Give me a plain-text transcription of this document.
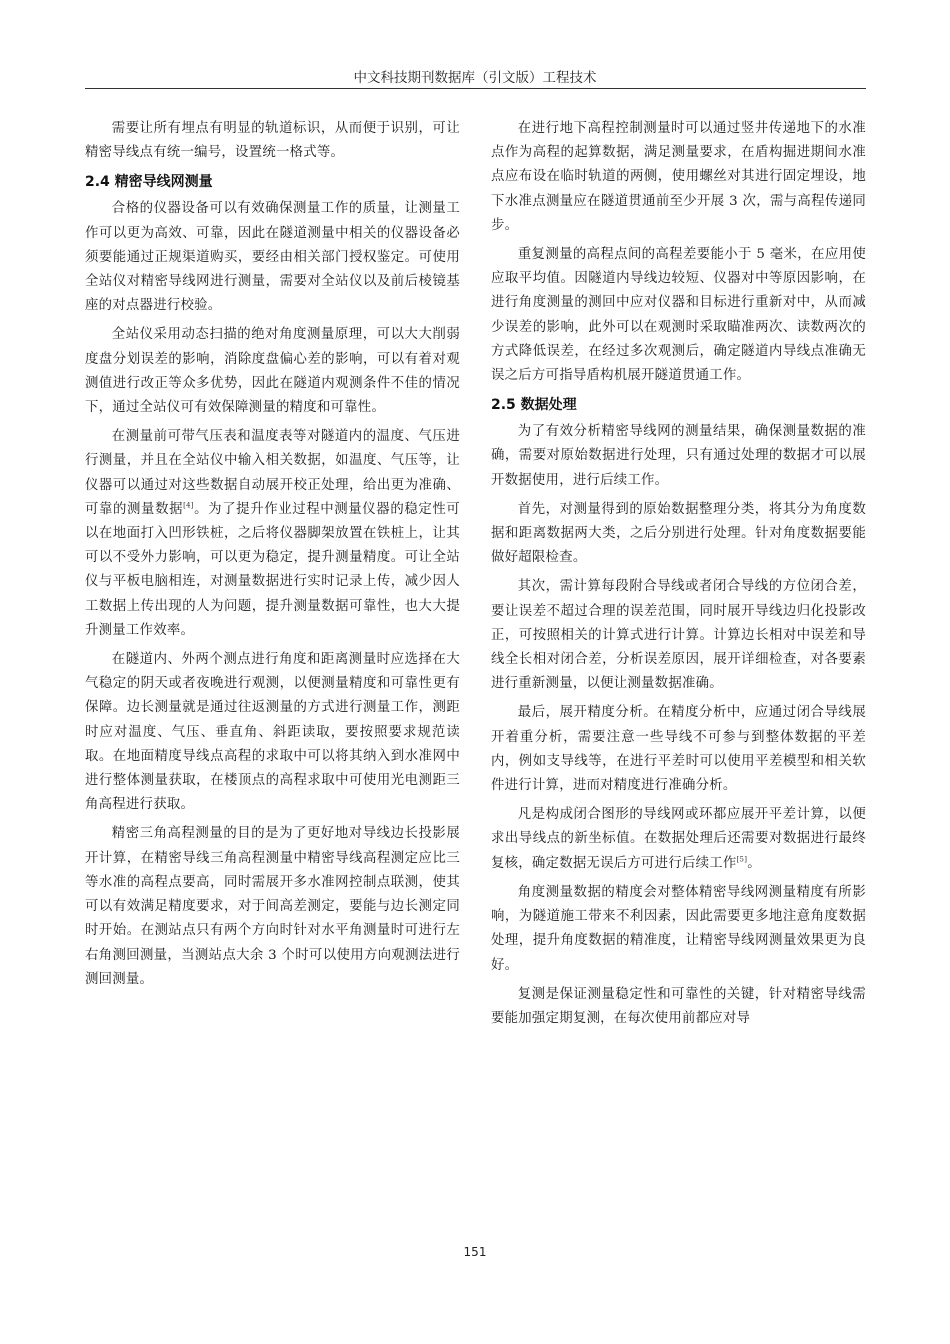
中文科技期刊数据库（引文版）工程技术

需要让所有埋点有明显的轨道标识，从而便于识别，可让精密导线点有统一编号，设置统一格式等。

2.4 精密导线网测量

合格的仪器设备可以有效确保测量工作的质量，让测量工作可以更为高效、可靠，因此在隧道测量中相关的仪器设备必须要能通过正规渠道购买，要经由相关部门授权鉴定。可使用全站仪对精密导线网进行测量，需要对全站仪以及前后棱镜基座的对点器进行校验。

全站仪采用动态扫描的绝对角度测量原理，可以大大削弱度盘分划误差的影响，消除度盘偏心差的影响，可以有着对观测值进行改正等众多优势，因此在隧道内观测条件不佳的情况下，通过全站仪可有效保障测量的精度和可靠性。

在测量前可带气压表和温度表等对隧道内的温度、气压进行测量，并且在全站仪中输入相关数据，如温度、气压等，让仪器可以通过对这些数据自动展开校正处理，给出更为准确、可靠的测量数据[4]。为了提升作业过程中测量仪器的稳定性可以在地面打入凹形铁桩，之后将仪器脚架放置在铁桩上，让其可以不受外力影响，可以更为稳定，提升测量精度。可让全站仪与平板电脑相连，对测量数据进行实时记录上传，减少因人工数据上传出现的人为问题，提升测量数据可靠性，也大大提升测量工作效率。

在隧道内、外两个测点进行角度和距离测量时应选择在大气稳定的阴天或者夜晚进行观测，以便测量精度和可靠性更有保障。边长测量就是通过往返测量的方式进行测量工作，测距时应对温度、气压、垂直角、斜距读取，要按照要求规范读取。在地面精度导线点高程的求取中可以将其纳入到水准网中进行整体测量获取，在楼顶点的高程求取中可使用光电测距三角高程进行获取。

精密三角高程测量的目的是为了更好地对导线边长投影展开计算，在精密导线三角高程测量中精密导线高程测定应比三等水准的高程点要高，同时需展开多水准网控制点联测，使其可以有效满足精度要求，对于间高差测定，要能与边长测定同时开始。在测站点只有两个方向时针对水平角测量时可进行左右角测回测量，当测站点大余 3 个时可以使用方向观测法进行测回测量。

在进行地下高程控制测量时可以通过竖井传递地下的水准点作为高程的起算数据，满足测量要求，在盾构掘进期间水准点应布设在临时轨道的两侧，使用螺丝对其进行固定埋设，地下水准点测量应在隧道贯通前至少开展 3 次，需与高程传递同步。

重复测量的高程点间的高程差要能小于 5 毫米，在应用使应取平均值。因隧道内导线边较短、仪器对中等原因影响，在进行角度测量的测回中应对仪器和目标进行重新对中，从而减少误差的影响，此外可以在观测时采取瞄准两次、读数两次的方式降低误差，在经过多次观测后，确定隧道内导线点准确无误之后方可指导盾构机展开隧道贯通工作。

2.5 数据处理

为了有效分析精密导线网的测量结果，确保测量数据的准确，需要对原始数据进行处理，只有通过处理的数据才可以展开数据使用，进行后续工作。

首先，对测量得到的原始数据整理分类，将其分为角度数据和距离数据两大类，之后分别进行处理。针对角度数据要能做好超限检查。

其次，需计算每段附合导线或者闭合导线的方位闭合差，要让误差不超过合理的误差范围，同时展开导线边归化投影改正，可按照相关的计算式进行计算。计算边长相对中误差和导线全长相对闭合差，分析误差原因，展开详细检查，对各要素进行重新测量，以便让测量数据准确。

最后，展开精度分析。在精度分析中，应通过闭合导线展开着重分析，需要注意一些导线不可参与到整体数据的平差内，例如支导线等，在进行平差时可以使用平差模型和相关软件进行计算，进而对精度进行准确分析。

凡是构成闭合图形的导线网或环都应展开平差计算，以便求出导线点的新坐标值。在数据处理后还需要对数据进行最终复核，确定数据无误后方可进行后续工作[5]。

角度测量数据的精度会对整体精密导线网测量精度有所影响，为隧道施工带来不利因素，因此需要更多地注意角度数据处理，提升角度数据的精准度，让精密导线网测量效果更为良好。

复测是保证测量稳定性和可靠性的关键，针对精密导线需要能加强定期复测，在每次使用前都应对导

151
